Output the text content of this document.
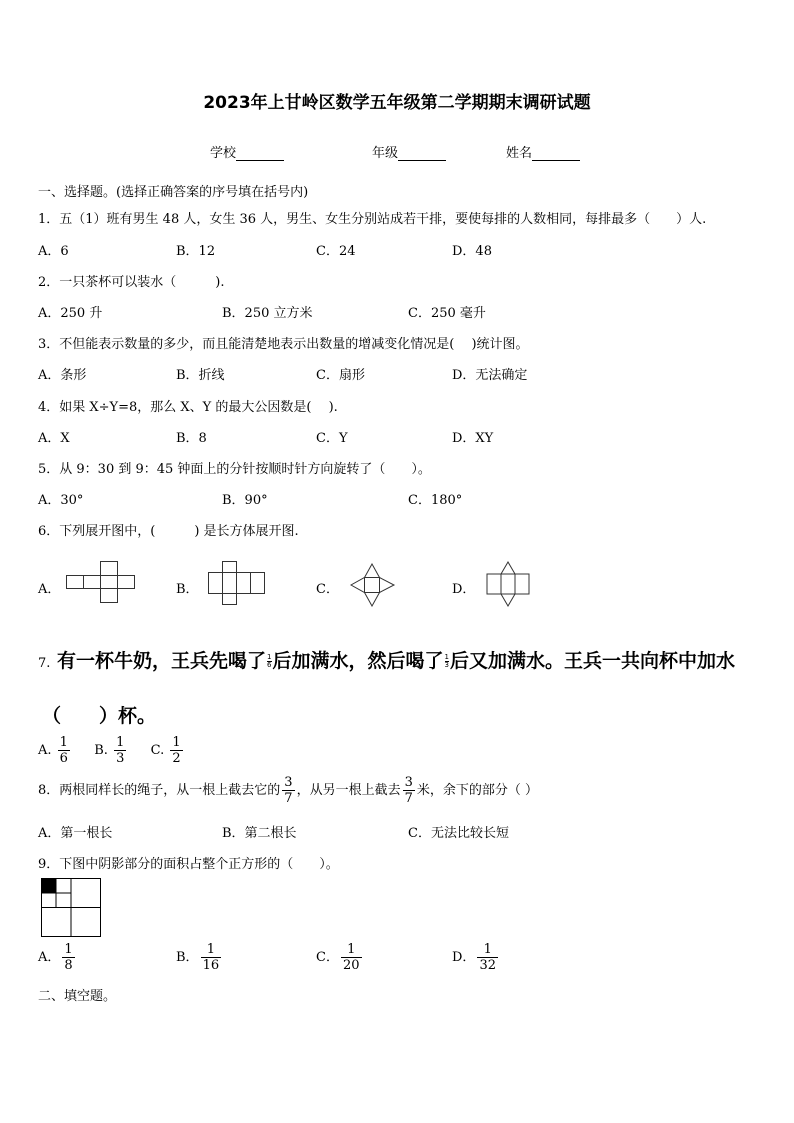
2023年上甘岭区数学五年级第二学期期末调研试题
学校	年级	姓名
一、选择题。(选择正确答案的序号填在括号内)
1．五（1）班有男生 48 人，女生 36 人，男生、女生分别站成若干排，要使每排的人数相同，每排最多（　　）人.
A．6	B．12	C．24	D．48
2．一只茶杯可以装水（　　　).
A．250 升	B．250 立方米	C．250 毫升
3．不但能表示数量的多少，而且能清楚地表示出数量的增减变化情况是(　 )统计图。
A．条形	B．折线	C．扇形	D．无法确定
4．如果 X÷Y=8，那么 X、Y 的最大公因数是(　 ).
A．X	B．8	C．Y	D．XY
5．从 9：30 到 9：45 钟面上的分针按顺时针方向旋转了（　　）。
A．30°	B．90°	C．180°
6．下列展开图中，(　　　) 是长方体展开图.
A．	B．	C．	D．
7. 有一杯牛奶，王兵先喝了 $\frac{1}{6}$ 后加满水，然后喝了 $\frac{1}{3}$ 后又加满水。王兵一共向杯中加水
（　　）杯。
A. $\frac{1}{6} B$. $\frac{1}{3} C$. $\frac{1}{2}$
8．两根同样长的绳子，从一根上截去它的 $\frac{3}{7}$ ，从另一根上截去 $\frac{3}{7}$ 米，余下的部分（ ）
A．第一根长	B．第二根长	C．无法比较长短
9．下图中阴影部分的面积占整个正方形的（　　）。
A． $\frac{1}{8}$	B． $\frac{1}{16}$	C． $\frac{1}{20}$	D． $\frac{1}{32}$
二、填空题。
